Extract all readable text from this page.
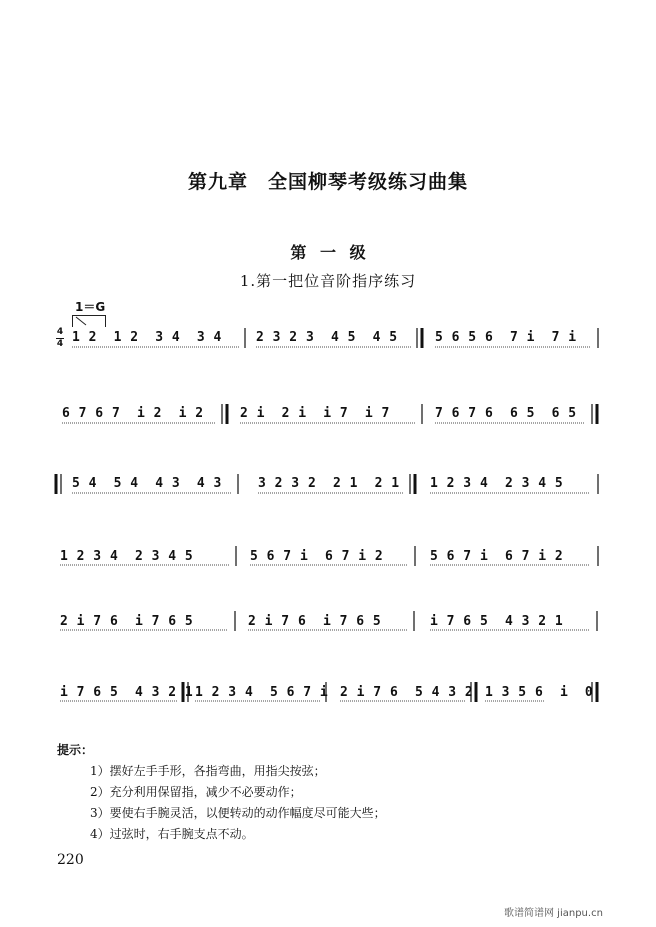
第九章　全国柳琴考级练习曲集
第 一 级
1.第一把位音阶指序练习
1＝G
4
4

1 2  1 2  3 4  3 4

	2 3 2 3  4 5  4 5

	5 6 5 6  7 i  7 i

6 7 6 7  i 2  i 2

	2 i  2 i  i 7  i 7

	7 6 7 6  6 5  6 5

5 4  5 4  4 3  4 3

	3 2 3 2  2 1  2 1

1 2 3 4  2 3 4 5

1 2 3 4  2 3 4 5

	5 6 7 i  6 7 i 2

	5 6 7 i  6 7 i 2

2 i 7 6  i 7 6 5

	2 i 7 6  i 7 6 5

	i 7 6 5  4 3 2 1

i 7 6 5  4 3 2 1

1 2 3 4  5 6 7 i

2 i 7 6  5 4 3 2

1 3 5 6  i  0

提示：
1）摆好左手手形，各指弯曲，用指尖按弦；
2）充分利用保留指，减少不必要动作；
3）要使右手腕灵活，以便转动的动作幅度尽可能大些；
4）过弦时，右手腕支点不动。
220
歌谱简谱网 jianpu.cn
